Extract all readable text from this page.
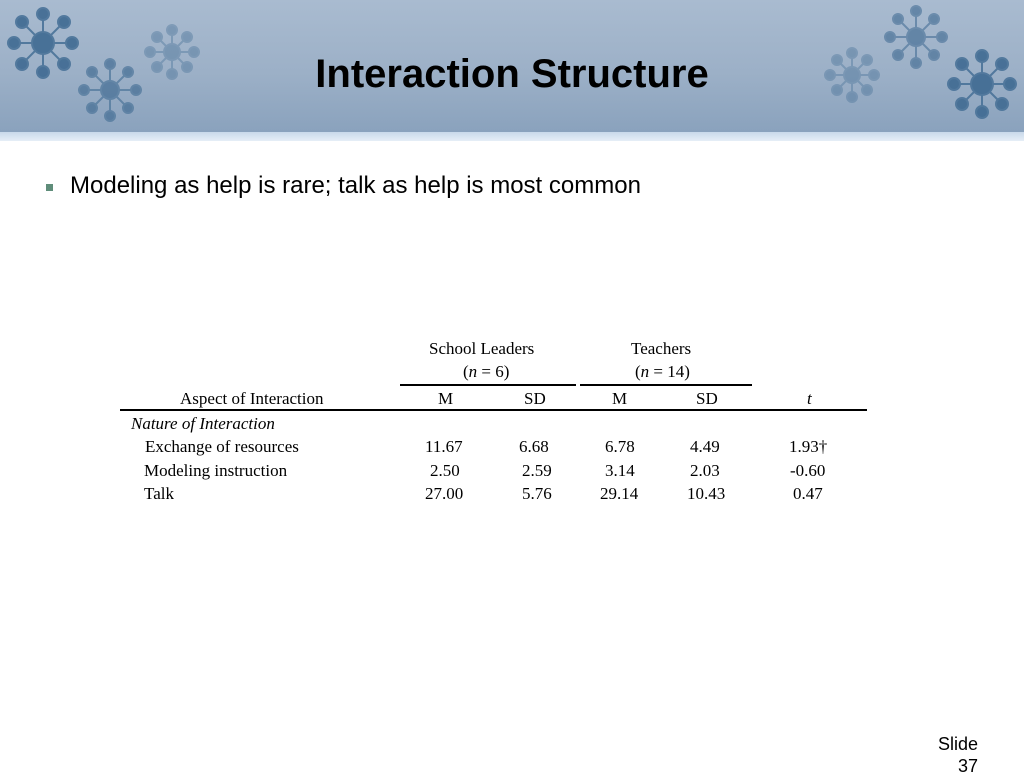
Interaction Structure
Modeling as help is rare; talk as help is most common
School Leaders
(n = 6)
Teachers
(n = 14)
Aspect of Interaction	M	SD	M	SD	t
Nature of Interaction
Exchange of resources	11.67	6.68	6.78	4.49	1.93†
Modeling instruction	2.50	2.59	3.14	2.03	-0.60
Talk	27.00	5.76	29.14	10.43	0.47
Slide
37
